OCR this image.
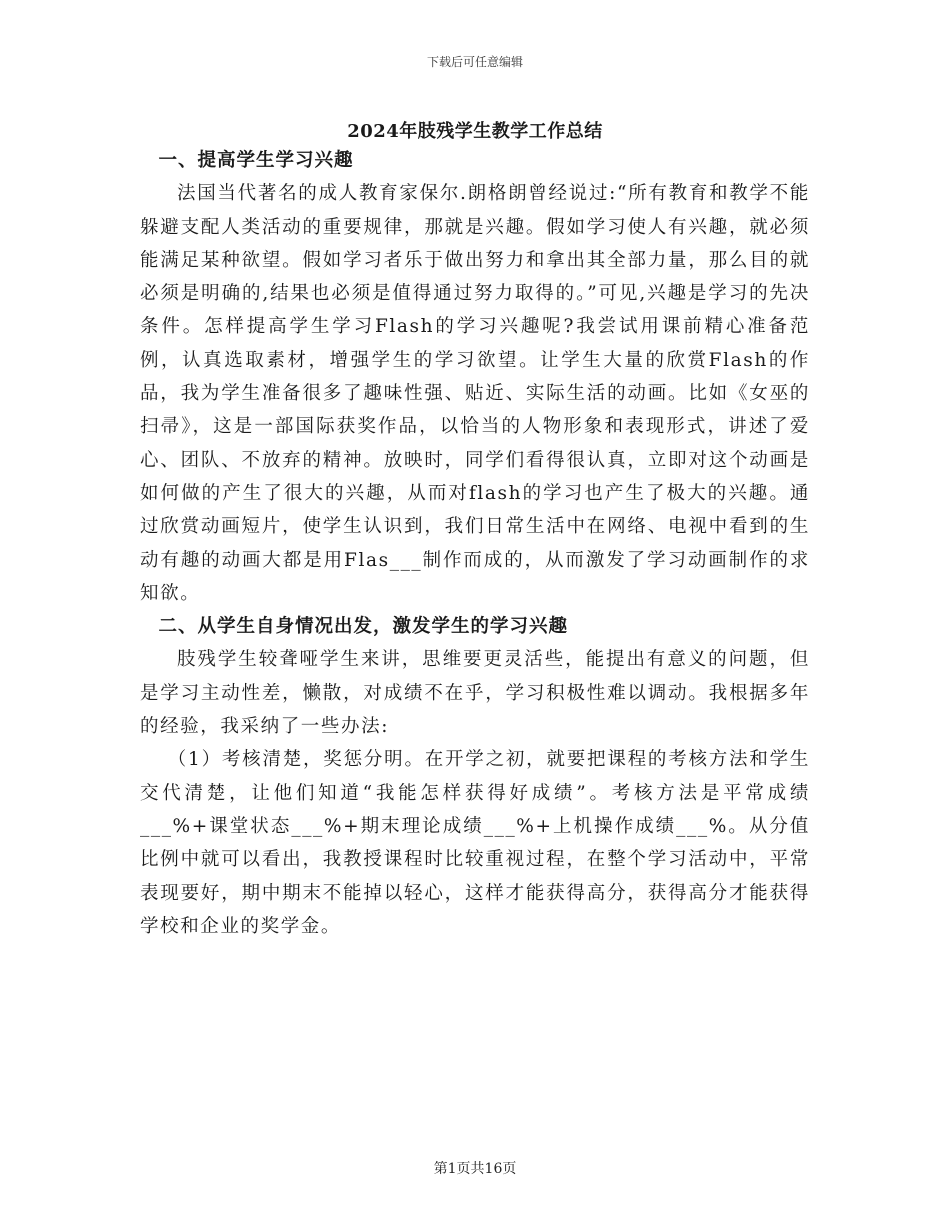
下载后可任意编辑
2024年肢残学生教学工作总结

一、提高学生学习兴趣

法国当代著名的成人教育家保尔.朗格朗曾经说过:“所有教育和教学不能躲避支配人类活动的重要规律，那就是兴趣。假如学习使人有兴趣，就必须能满足某种欲望。假如学习者乐于做出努力和拿出其全部力量，那么目的就必须是明确的,结果也必须是值得通过努力取得的。”可见,兴趣是学习的先决条件。怎样提高学生学习Flash的学习兴趣呢?我尝试用课前精心准备范例，认真选取素材，增强学生的学习欲望。让学生大量的欣赏Flash的作品，我为学生准备很多了趣味性强、贴近、实际生活的动画。比如《女巫的扫帚》，这是一部国际获奖作品，以恰当的人物形象和表现形式，讲述了爱心、团队、不放弃的精神。放映时，同学们看得很认真，立即对这个动画是如何做的产生了很大的兴趣，从而对flash的学习也产生了极大的兴趣。通过欣赏动画短片，使学生认识到，我们日常生活中在网络、电视中看到的生动有趣的动画大都是用Flas___制作而成的，从而激发了学习动画制作的求知欲。

二、从学生自身情况出发，激发学生的学习兴趣

肢残学生较聋哑学生来讲，思维要更灵活些，能提出有意义的问题，但是学习主动性差，懒散，对成绩不在乎，学习积极性难以调动。我根据多年的经验，我采纳了一些办法:

（1）考核清楚，奖惩分明。在开学之初，就要把课程的考核方法和学生交代清楚，让他们知道“我能怎样获得好成绩”。考核方法是平常成绩___%+课堂状态___%+期末理论成绩___%+上机操作成绩___%。从分值比例中就可以看出，我教授课程时比较重视过程，在整个学习活动中，平常表现要好，期中期末不能掉以轻心，这样才能获得高分，获得高分才能获得学校和企业的奖学金。

第1页共16页
